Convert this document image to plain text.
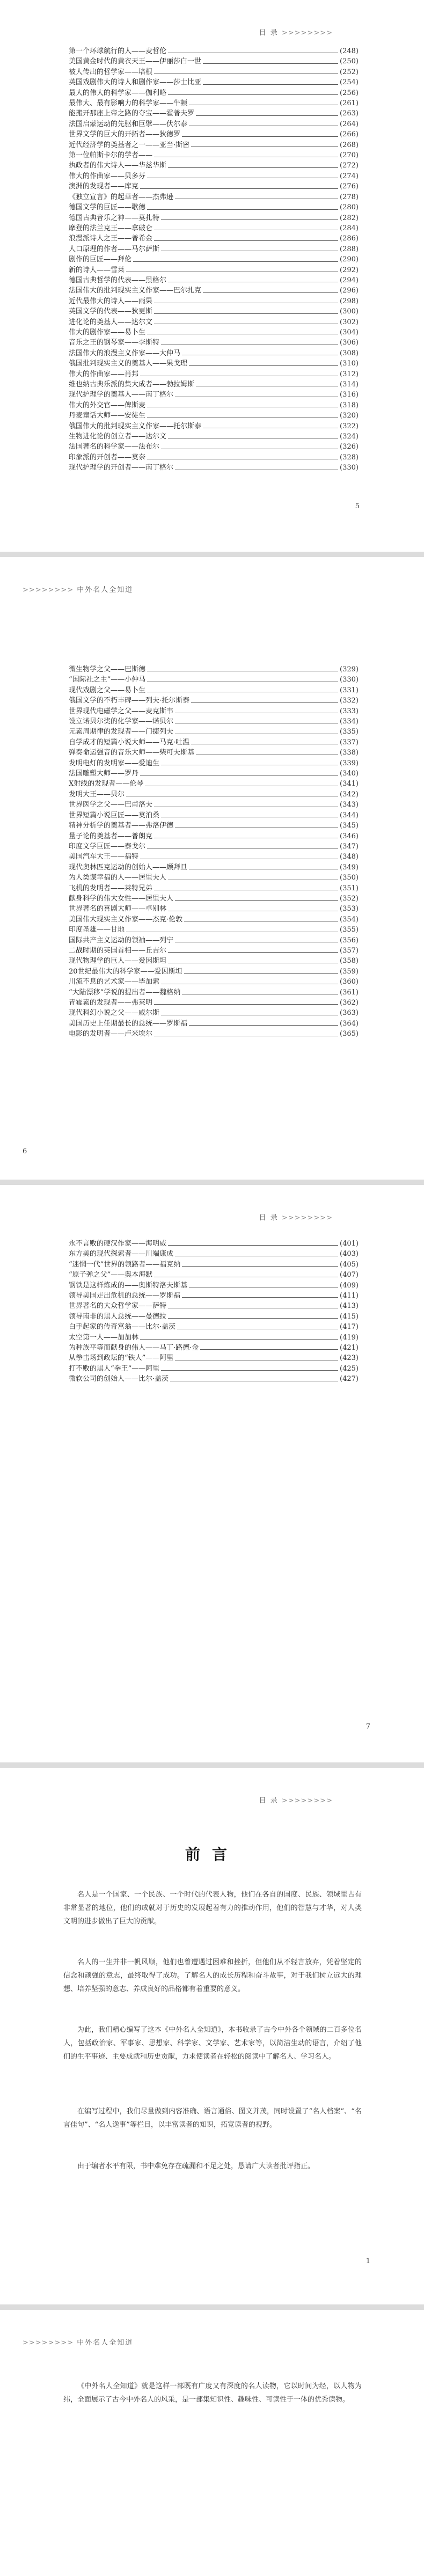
目 录 >>>>>>>>
第一个环球航行的人——麦哲伦	(248)
美国黄金时代的黄衣天王——伊丽莎白一世	(250)
被人传出的哲学家——培根	(252)
英国戏剧伟大的诗人和剧作家——莎士比亚	(254)
最大的伟大的科学家——伽利略	(256)
最伟大、最有影响力的科学家——牛顿	(261)
能搬开那座上帝之路的夺宝——霍普夫罗	(263)
法国启蒙运动的先驱和巨擘——伏尔泰	(264)
世界文学的巨大的开拓者——狄德罗	(266)
近代经济学的奠基者之一——亚当·斯密	(268)
第一位帕斯卡尔的学者——	(270)
执政者的伟大诗人——华兹华斯	(272)
伟大的作曲家——贝多芬	(274)
澳洲的发现者——库克	(276)
《独立宣言》的起草者——杰弗逊	(278)
德国文学的巨匠——歌德	(280)
德国古典音乐之神——莫扎特	(282)
摩登的法兰克王——拿破仑	(284)
浪漫派诗人之王——普希金	(286)
人口原理的作者——马尔萨斯	(288)
剧作的巨匠——拜伦	(290)
新的诗人——雪莱	(292)
德国古典哲学的代表——黑格尔	(294)
法国伟大的批判现实主义作家——巴尔扎克	(296)
近代最伟大的诗人——雨果	(298)
英国文学的代表——狄更斯	(300)
进化论的奠基人——达尔文	(302)
伟大的剧作家——易卜生	(304)
音乐之王的钢琴家——李斯特	(306)
法国伟大的浪漫主义作家——大仲马	(308)
俄国批判现实主义的奠基人——果戈理	(310)
伟大的作曲家——肖邦	(312)
维也纳古典乐派的集大成者——勃拉姆斯	(314)
现代护理学的奠基人——南丁格尔	(316)
伟大的外交官——俾斯麦	(318)
丹麦童话大师——安徒生	(320)
俄国伟大的批判现实主义作家——托尔斯泰	(322)
生物进化论的创立者——达尔文	(324)
法国著名的科学家——法布尔	(326)
印象派的开创者——莫奈	(328)
现代护理学的开创者——南丁格尔	(330)
5
>>>>>>>> 中外名人全知道
微生物学之父——巴斯德	(329)
“国际社之主”——小仲马	(330)
现代戏剧之父——易卜生	(331)
俄国文学的不朽丰碑——列夫·托尔斯泰	(332)
世界现代电磁学之父——麦克斯韦	(333)
设立诺贝尔奖的化学家——诺贝尔	(334)
元素周期律的发现者——门捷列夫	(335)
自学成才的短篇小说大师——马克·吐温	(337)
弹奏命运强音的音乐大师——柴可夫斯基	(338)
发明电灯的发明家——爱迪生	(339)
法国雕塑大师——罗丹	(340)
X射线的发现者——伦琴	(341)
发明大王——贝尔	(342)
世界医学之父——巴甫洛夫	(343)
世界短篇小说巨匠——莫泊桑	(344)
精神分析学的奠基者——弗洛伊德	(345)
量子论的奠基者——普朗克	(346)
印度文学巨匠——泰戈尔	(347)
美国汽车大王——福特	(348)
现代奥林匹克运动的创始人——顾拜旦	(349)
为人类谋幸福的人——居里夫人	(350)
飞机的发明者——莱特兄弟	(351)
献身科学的伟大女性——居里夫人	(352)
世界著名的喜剧大师——卓别林	(353)
美国伟大现实主义作家——杰克·伦敦	(354)
印度圣雄——甘地	(355)
国际共产主义运动的领袖——列宁	(356)
二战时期的英国首相——丘吉尔	(357)
现代物理学的巨人——爱因斯坦	(358)
20世纪最伟大的科学家——爱因斯坦	(359)
川流不息的艺术家——毕加索	(360)
“大陆漂移”学说的提出者——魏格纳	(361)
青霉素的发现者——弗莱明	(362)
现代科幻小说之父——威尔斯	(363)
美国历史上任期最长的总统——罗斯福	(364)
电影的发明者——卢米埃尔	(365)
6
目 录 >>>>>>>>
永不言败的硬汉作家——海明威	(401)
东方美的现代探索者——川端康成	(403)
“迷惘一代”世界的领路者——福克纳	(405)
“原子弹之父”——奥本海默	(407)
钢铁是这样炼成的——奥斯特洛夫斯基	(409)
领导美国走出危机的总统——罗斯福	(411)
世界著名的大众哲学家——萨特	(413)
领导南非的黑人总统——曼德拉	(415)
白手起家的传奇富翁——比尔·盖茨	(417)
太空第一人——加加林	(419)
为种族平等而献身的伟人——马丁·路德·金	(421)
从拳击场到政坛的“铁人”——阿里	(423)
打不败的黑人“拳王”——阿里	(425)
微软公司的创始人——比尔·盖茨	(427)
7
目 录 >>>>>>>>
前言

名人是一个国家、一个民族、一个时代的代表人物，他们在各自的国度、民族、领域里占有非常显著的地位，他们的成就对于历史的发展起着有力的推动作用，他们的智慧与才华，对人类文明的进步做出了巨大的贡献。

名人的一生并非一帆风顺，他们也曾遭遇过困难和挫折，但他们从不轻言放弃，凭着坚定的信念和顽强的意志，最终取得了成功。了解名人的成长历程和奋斗故事，对于我们树立远大的理想、培养坚强的意志、养成良好的品格都有着重要的意义。

为此，我们精心编写了这本《中外名人全知道》，本书收录了古今中外各个领域的二百多位名人，包括政治家、军事家、思想家、科学家、文学家、艺术家等，以简洁生动的语言，介绍了他们的生平事迹、主要成就和历史贡献，力求使读者在轻松的阅读中了解名人、学习名人。

在编写过程中，我们尽量做到内容准确、语言通俗、图文并茂，同时设置了“名人档案”、“名言佳句”、“名人逸事”等栏目，以丰富读者的知识，拓宽读者的视野。

由于编者水平有限，书中难免存在疏漏和不足之处，恳请广大读者批评指正。

1
>>>>>>>> 中外名人全知道

《中外名人全知道》就是这样一部既有广度又有深度的名人读物，它以时间为经，以人物为纬，全面展示了古今中外名人的风采，是一部集知识性、趣味性、可读性于一体的优秀读物。
